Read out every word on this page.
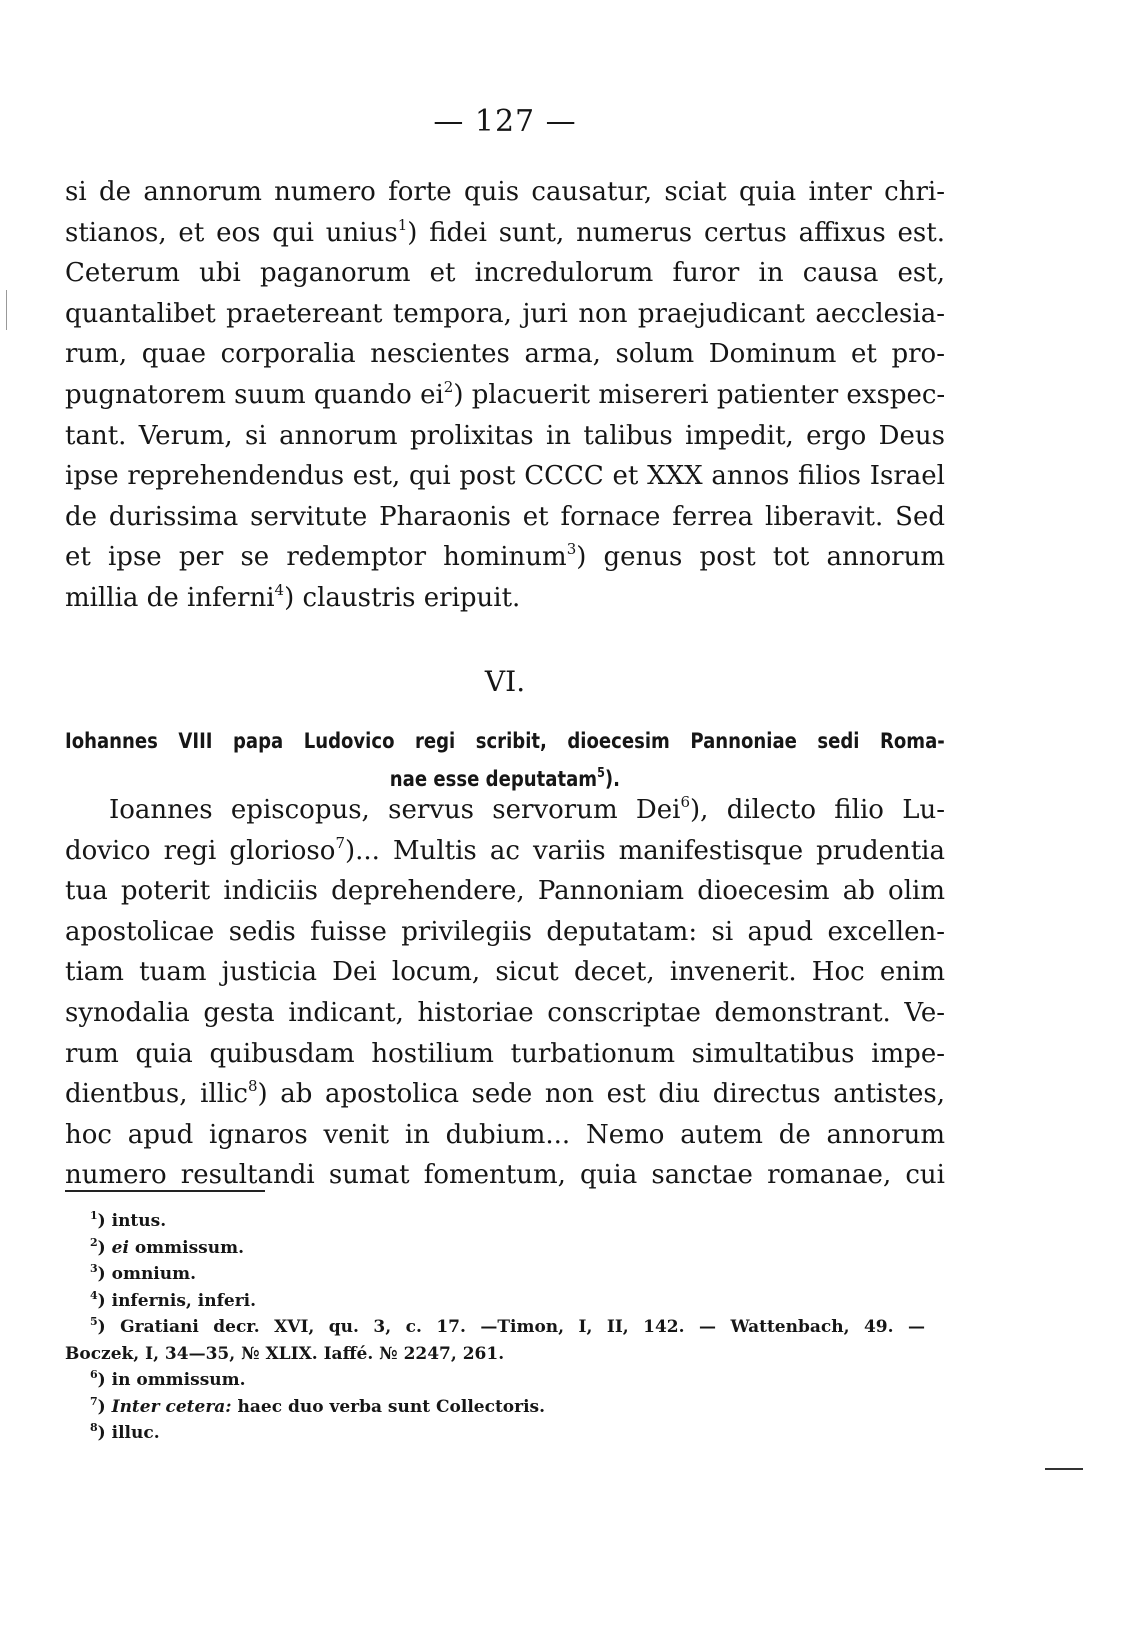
— 127 —
si de annorum numero forte quis causatur, sciat quia inter chri-
stianos, et eos qui unius$^1$) fidei sunt, numerus certus affixus est.
Ceterum ubi paganorum et incredulorum furor in causa est,
quantalibet praetereant tempora, juri non praejudicant aecclesia-
rum, quae corporalia nescientes arma, solum Dominum et pro-
pugnatorem suum quando $ei^2$) placuerit misereri patienter exspec-
tant. Verum, si annorum prolixitas in talibus impedit, ergo Deus
ipse reprehendendus est, qui post CCCC et XXX annos filios Israel
de durissima servitute Pharaonis et fornace ferrea liberavit. Sed
et ipse per se redemptor hominum$^3$) genus post tot annorum
millia de inferni$^4$) claustris eripuit.
VI.
Iohannes VIII papa Ludovico regi scribit, dioecesim Pannoniae sedi Roma-
nae esse deputatam$^5$).
Ioannes episcopus, servus servorum Dei$^6$), dilecto filio Lu-
dovico regi glorioso$^7$)... Multis ac variis manifestisque prudentia
tua poterit indiciis deprehendere, Pannoniam dioecesim ab olim
apostolicae sedis fuisse privilegiis deputatam: si apud excellen-
tiam tuam justicia Dei locum, sicut decet, invenerit. Hoc enim
synodalia gesta indicant, historiae conscriptae demonstrant. Ve-
rum quia quibusdam hostilium turbationum simultatibus impe-
dientbus, illic$^8$) ab apostolica sede non est diu directus antistes,
hoc apud ignaros venit in dubium... Nemo autem de annorum
numero resultandi sumat fomentum, quia sanctae romanae, cui
$^1$) intus.
$^2$) ei ommissum.
$^3$) omnium.
$^4$) infernis, inferi.
$^5$) Gratiani decr. XVI, qu. 3, c. 17. —Timon, I, II, 142. — Wattenbach, 49. —
Boczek, I, 34—35, № XLIX. Iaffé. № 2247, 261.
$^6$) in ommissum.
$^7$) Inter cetera: haec duo verba sunt Collectoris.
$^8$) illuc.
